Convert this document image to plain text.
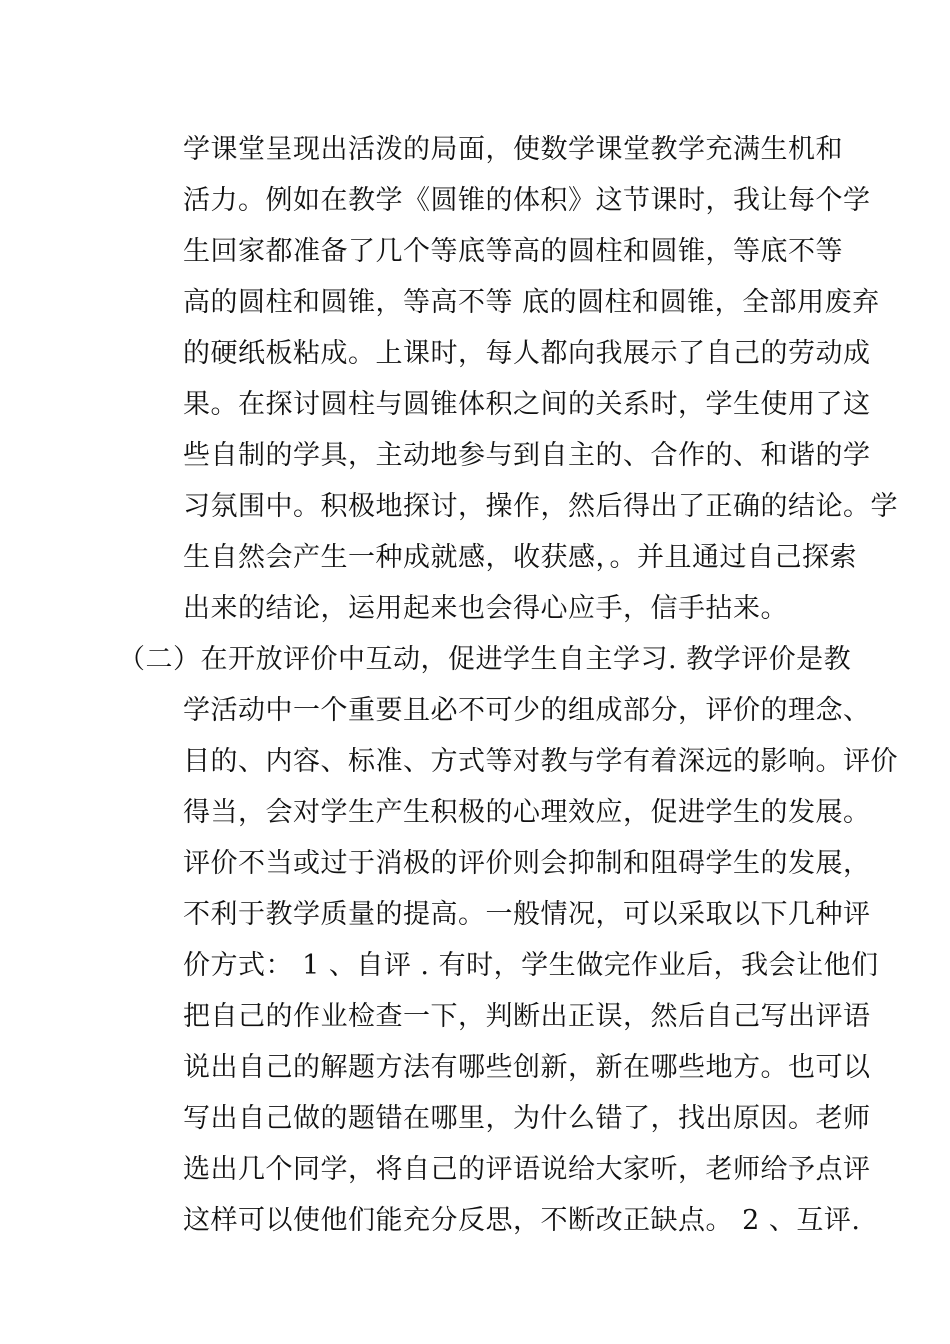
学课堂呈现出活泼的局面，使数学课堂教学充满生机和
活力。例如在教学《圆锥的体积》这节课时，我让每个学
生回家都准备了几个等底等高的圆柱和圆锥，等底不等
高的圆柱和圆锥，等高不等 底的圆柱和圆锥，全部用废弃
的硬纸板粘成。上课时，每人都向我展示了自己的劳动成
果。在探讨圆柱与圆锥体积之间的关系时，学生使用了这
些自制的学具，主动地参与到自主的、合作的、和谐的学
习氛围中。积极地探讨，操作，然后得出了正确的结论。学
生自然会产生一种成就感，收获感，。并且通过自己探索
出来的结论，运用起来也会得心应手，信手拈来。
（二）在开放评价中互动，促进学生自主学习. 教学评价是教
学活动中一个重要且必不可少的组成部分，评价的理念、
目的、内容、标准、方式等对教与学有着深远的影响。评价
得当，会对学生产生积极的心理效应，促进学生的发展。
评价不当或过于消极的评价则会抑制和阻碍学生的发展，
不利于教学质量的提高。一般情况，可以采取以下几种评
价方式： 1 、自评 . 有时，学生做完作业后，我会让他们
把自己的作业检查一下，判断出正误，然后自己写出评语
说出自己的解题方法有哪些创新，新在哪些地方。也可以
写出自己做的题错在哪里，为什么错了，找出原因。老师
选出几个同学，将自己的评语说给大家听，老师给予点评
这样可以使他们能充分反思，不断改正缺点。 2 、互评.
